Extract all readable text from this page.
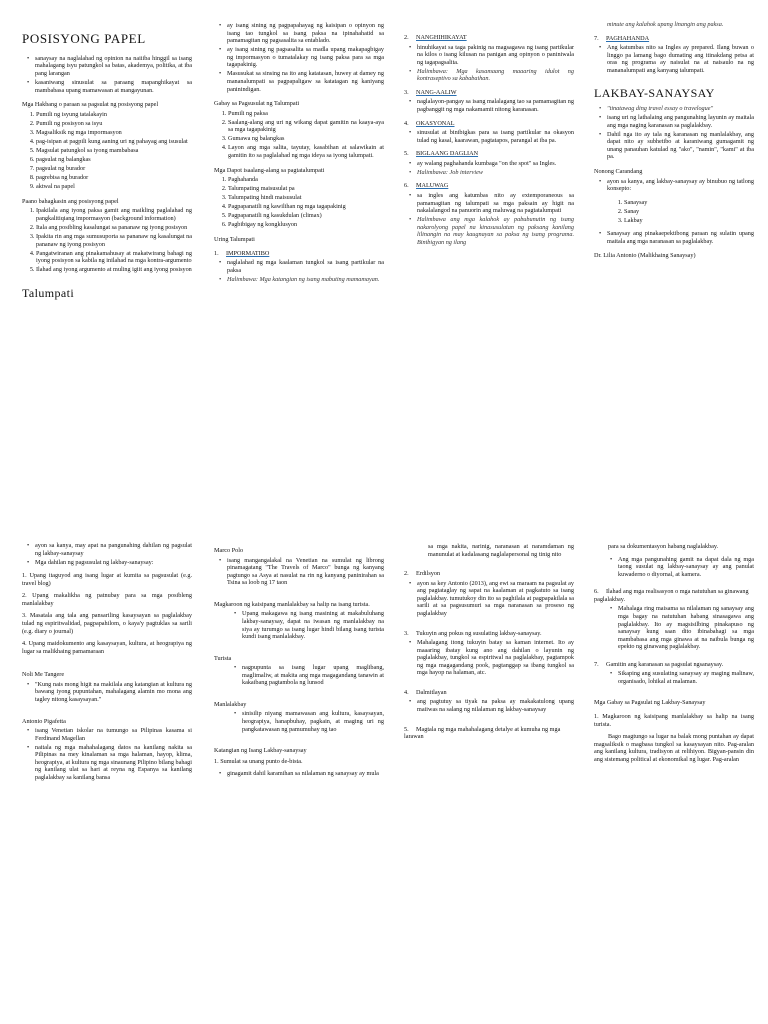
POSISYONG PAPEL
• sanaysay na naglalahad ng opinion na naiiiba hinggil sa isang mahalagang isyu patungkol sa batas, akademya, politika, at iba pang larangan
• kasaniwang sinusulat sa paraang mapanghikayat sa mambabasa upang mamawasan at mangayunan.

Mga Hakbang o paraan sa pagsulat ng posisyong papel

1. Pumili ng isyung tatalakayin
2. Pumili ng posisyon sa isyu
3. Magsaliksik ng mga impormasyon
4. pag-isipan at pagpili kung aaning uri ng pahayag ang isusulat
5. Magsulat patungkol sa iyong mambabasa
6. pagsulat ng balangkas
7. pagsulat ng burador
8. pagrebisa ng burador
9. aktwal na papel

Paano bahagkasin ang posisyong papel

1. Ipakilala ang iyong paksa gamit ang maikling paglalahad ng pangkalitiqiang impormasyon (background information)
2. Itala ang posibling kasalungat sa pananaw ng iyong posisyon
3. Ipakita rin ang mga sumusuporta sa pananaw ng kasalungat na pananaw ng iyong posisyon
4. Pangatwiranan ang pinakamahusay at makatwirang bahagi ng iyong posisyon sa kabila ng inilahad na mga kontra-argumento
5. Ilahad ang iyong argumento at muling igiit ang iyong posisyon
Talumpati
• ay isang sining ng pagpapahayag ng kaisipan o opinyon ng isang tao tungkol sa isang paksa na ipinahahatid sa pamamagitan ng pagsasalita sa entablado.
• ay isang sining ng pagsasalita sa madla upang makapagbigay ng impormasyon o tumatalakay ng isang paksa para sa mga tagapakinig.
• Masusukat sa sinsing na ito ang katatasan, huwey at damey ng mananalumpati sa pagpapaligaw sa katatagan ng kaniyang paninindigan.

Gabay sa Pagsusulat ng Talumpati

1. Pumili ng paksa
2. Saalang-alang ang uri ng wikang dapat gamitin na kaaya-aya sa mga tagapakinig
3. Gumawa ng balangkas
4. Layon ang mga salita, tayutay, kasabihan at salawikain at gamitin ito sa paglalahad ng mga ideya sa iyong talumpati.

Mga Dapot isaalang-alang sa pagtatalumpati

1. Paghahanda
2. Talumpating maisusulat pa
3. Talumpating hindi maisusulat
4. Pagpapanatili ng kawilihan ng mga tagapakinig
5. Pagpapanatili ng kasukdulan (climax)
6. Pagbibigay ng kongklusyon

Uring Talumpati

1. IMPORMATIBO
• naglalahad ng mga kaalaman tungkol sa isang partikular na paksa
• Halimbawa: Mga katangian ng isang mabuting mamamayan.
2. NANGHIHIKAYAT
• hinuhikayat sa taga pakinig na magsagawa ng isang partikular na kilos o isang kilusan na panigan ang opinyon o paniniwala ng tagapagsalita.
• Halimbawa: Mga kasamaang maaaring idulot ng kontraseptivo sa kababaihan.
3. NANG-AALIW
• naglalayon-pangay sa isang malalagang tao sa pamamagitan ng pagbanggit ng mga nakamamit nitong karanasan.
4. OKASYONAL
• sinusulat at binibigkas para sa isang partikular na okasyon tulad ng kasal, kaarawan, pagtatapos, parangal at iba pa.
5. BIGLAANG DAGLIAN
• ay walang paghahanda kumbaga "on the spot" sa Ingles.
• Halimbawa: Job interview
6. MALUWAG
• sa ingles ang katumbas nito ay extemporaneous sa pamamagitan ng talumpati sa mga paksain ay higit na nakalalangod na panuorin ang maluwag na pagtatalumpati
• Halimbawa ang mga kalahok ay pabubunutin ng isang nakarolyong papel na kinasusulatan ng paksang kanilang lilinangin na may kaugnayan sa paksa ng isang programa. Binibigyan ng ilang

minute ang kalahok upang linangin ang paksa.

7. PAGHAHANDA
• Ang katumbas nito sa Ingles ay prepared. Ilang buwan o linggo pa lamang bago dumating ang itinakdang petsa at oras ng programa ay naisulat na at naisaulo na ng mananalumpati ang kanyang talumpati.
LAKBAY-SANAYSAY
• "tinatawag ding travel essay o travelogue"
• isang uri ng lathalaing ang pangunahing layunin ay maitala ang mga naging karanasan sa paglalakbay.
• Dahil nga ito ay tala ng karanasan ng manlalakbay, ang dapat nito ay subhetibo at karaniwang gumagamit ng unang panauhan katulad ng "ako", "namin", "kami" at iba pa.

Nonong Carandang

• ayon sa kanya, ang lakbay-sanaysay ay binubuo ng tatlong konsepto:
1. Sanaysay
2. Sanay
3. Lakbay
• Sanaysay ang pinakaepektibong paraan ng sulatin upang maitala ang mga naranasan sa paglalakbay.

Dr. Lilia Antonio (Malikhaing Sanaysay)

• ayon sa kanya, may apat na pangunahing dahilan ng pagsulat ng lakbay-sanaysay
• Mga dahilan ng pagsusulat ng lakbay-sanaysay:

1. Upang itaguyod ang isang lugar at kumita sa pagsusulat (e.g. travel blog)

2. Upang makalikha ng patnubay para sa mga posibleng manlalakbay

3. Masatala ang tala ang pansariling kasaysayan sa paglalakbay tulad ng espiritwalidad, pagpapahilom, o kaya'y pagtuklas sa sarili (e.g. diary o journal)

4. Upang maidokumento ang kasaysayan, kultura, at heograpiya ng lugar sa malikhaing pamamaraan

Noli Me Tangere

• "Kung nais mong higit na makilala ang katangian at kultura ng bawang iyong pupuntahan, mahalagang alamin mo mona ang tagley nitong kasaysayan."

Antonio Pigafetta

• isang Venetian iskolar na tumungo sa Pilipinas kasama si Ferdinand Magellan
• naitala ng mga mahahalagang datos na kanilang nakita sa Pilipinas na mey kinalaman sa mga halaman, hayop, klima, heograpiya, at kultura ng mga sinaunang Pilipino bilang bahagi ng kanilang ulat sa hari at reyna ng Espanya sa kanilang paglalakbay sa kanilang bansa

Marco Polo

• isang mangangalakal na Venetian na sumulat ng librong pinamagatang "The Travels of Marco" bunga ng kanyang pagtungo sa Asya at nasulat na rin ng kanyang paninirahan sa Tsina sa loob ng 17 taon

Magkaroon ng kaisipang manlalakbay sa halip na isang turista.

• Upang makagawa ng isang masining at makabuluhang lakbay-sanaysay, dapat na iwasan ng manlalakbay na siya ay turumgo sa isang lugar hindi bilang isang turista kundi isang manlalakbay.

Turista

• nagpupunta sa isang lugar upang maglibang, maglimaliw, at makita ang mga magagandang tanawin at kakaibang pagtambola ng lunsod

Manlalakbay

• sinisilip niyang mamawasan ang kultura, kasaysayan, heograpiya, hanapbuhay, pagkain, at maging uri ng pangkatawasan ng pamumuhay ng tao

Katangian ng Isang Lakbay-sanaysay

1. Sumulat sa unang punto de-bista.

• ginagamit dahil karamihan sa nilalaman ng sanaysay ay mula

sa mga nakita, narinig, naranasan at naramdaman ng manunulat at kadalasang naglalapersonal ng tinig nito

2. Erdilsyon
• ayon sa key Antonio (2013), ang ewi sa maraam na pagsulat ay ang pagtataglay ng sapat na kaalaman at pagkatuto sa isang paglalakbay. tumutukoy din ito sa paghilala at pagpapakilala sa sarili at sa pagsusumuri sa mga naranasan sa proseso ng paglalakbay
3. Tukuyin ang pokus ng susulating lakbay-sanaysay.
• Mahalagang itong tukuyin batay sa kaman internet. Ito ay maaaring ibatay kung ano ang dahilan o layunin ng paglalakbay, tungkol sa espiritwal na paglalakbay, pagtampok ng mga magagandang pook, pagtanggap sa ibang tungkol sa mga hayop na halaman, atc.
4. Dalmitlayan
• ang pagtutuy sa tiyak na paksa ay makakatulong upang maiiwas na salang ng nilalaman ng lakbay-sanaysay
5. Magtala ng mga mahahalagang detalye at kumuha ng mga larawan

para sa dokumentasyon habang naglalakbay.

• Ang mga pangunahing gamit na dapat dala ng mga taong susulat ng lakbay-sanaysay ay ang panulat kuwaderno o diyornal, at kamera.
6. Ilahad ang mga realisasyon o mga natutuhan sa ginawang paglalakbay.
• Mahalaga ring maisama sa nilalaman ng sanaysay ang mga bagay na natutuhan habang sinasagawa ang paglalakbay. Ito ay magsisilbing pinakapuso ng sanaysay kung saan dito ibinabahagi sa mga mambabasa ang mga ginawa at na naibula bunga ng epekto ng ginawang paglalakbay.
7. Gamitin ang karanasan sa pagsulat ngsanaysay.
• Sikaping ang susulating sanaysay ay maging malinaw, organisado, lohikal at malaman.

Mga Gabay sa Pagsulat ng Lakbay-Sanaysay

1. Magkaroon ng kaisipang manlalakbay sa halip na isang turista.

Bago magtungo sa lugar na balak mong puntahan ay dapat magsaliksik o magbasa tungkol sa kasaysayan nito. Pag-aralan ang kanilang kultura, tradisyon at relihiyon. Bigyan-pansin din ang sistemang political at ekonomikal ng lugar. Pag-aralan
